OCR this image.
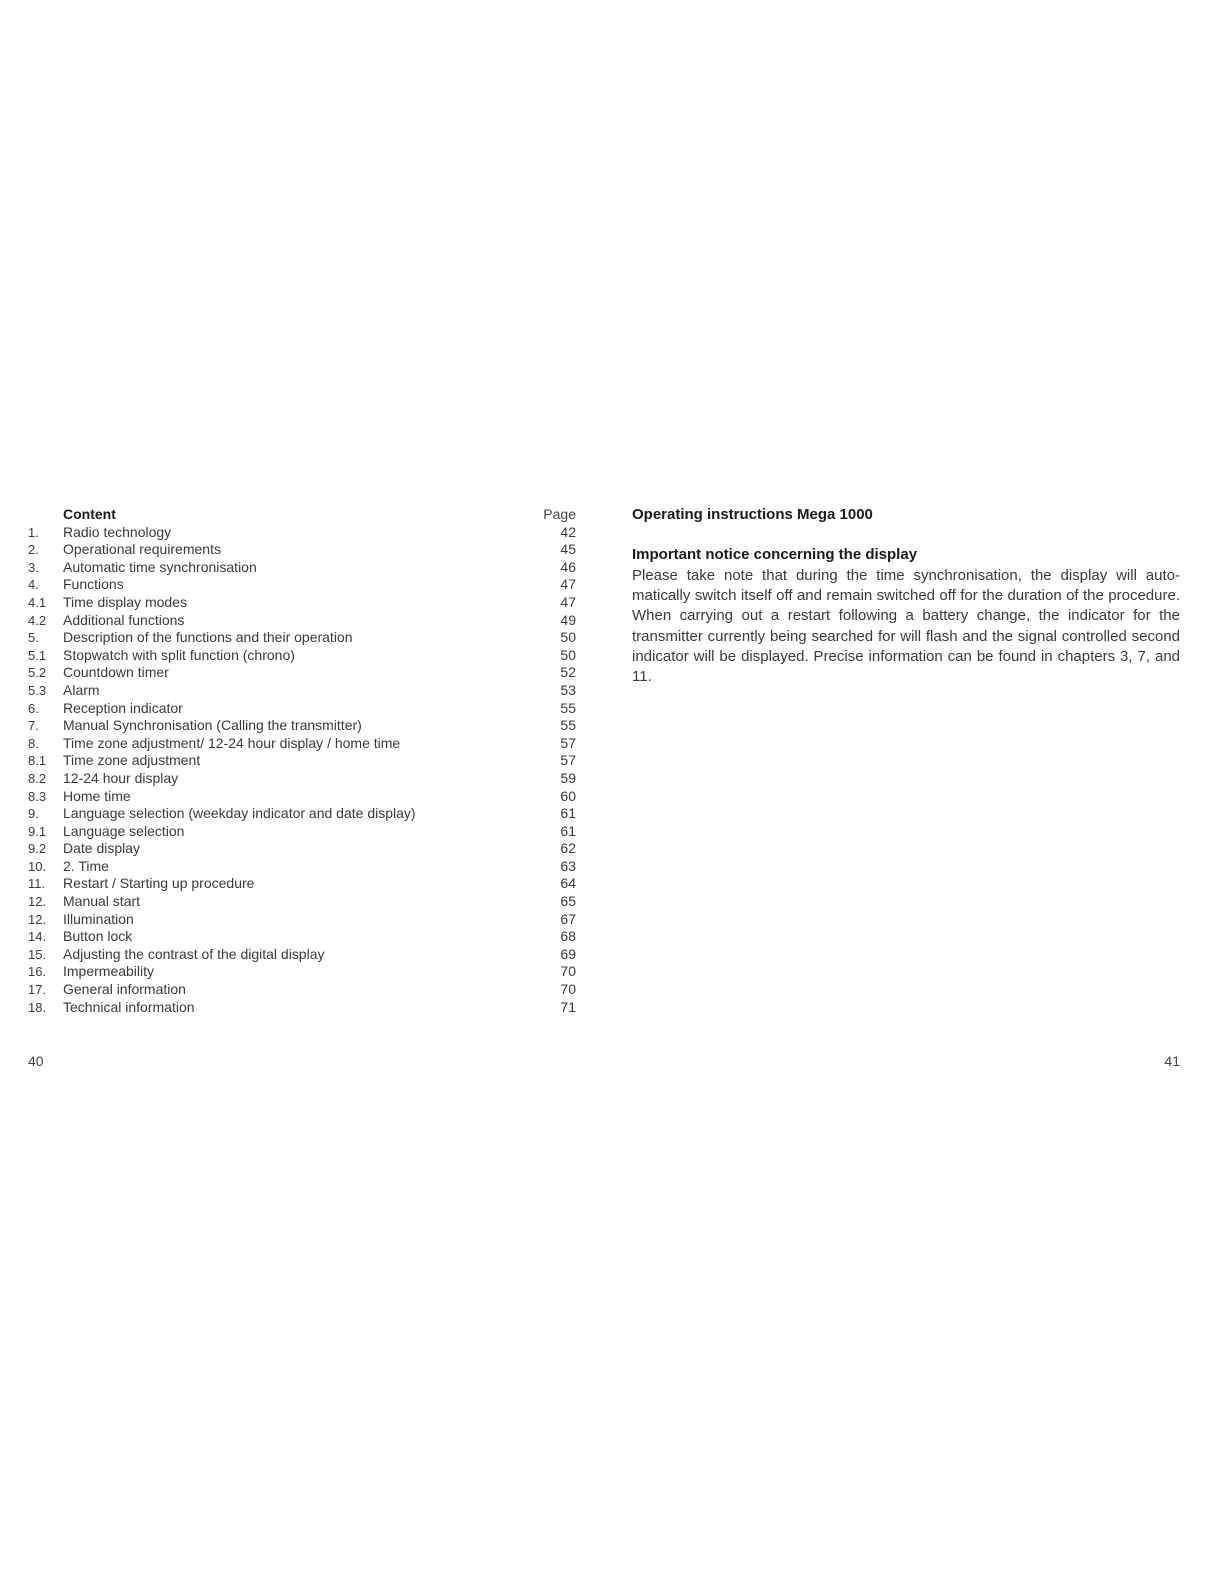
Content	Page
1.	Radio technology	42
2.	Operational requirements	45
3.	Automatic time synchronisation	46
4.	Functions	47
4.1	Time display modes	47
4.2	Additional functions	49
5.	Description of the functions and their operation	50
5.1	Stopwatch with split function (chrono)	50
5.2	Countdown timer	52
5.3	Alarm	53
6.	Reception indicator	55
7.	Manual Synchronisation (Calling the transmitter)	55
8.	Time zone adjustment/ 12-24 hour display / home time	57
8.1	Time zone adjustment	57
8.2	12-24 hour display	59
8.3	Home time	60
9.	Language selection (weekday indicator and date display)	61
9.1	Language selection	61
9.2	Date display	62
10.	2. Time	63
11.	Restart / Starting up procedure	64
12.	Manual start	65
12.	Illumination	67
14.	Button lock	68
15.	Adjusting the contrast of the digital display	69
16.	Impermeability	70
17.	General information	70
18.	Technical information	71
40
Operating instructions Mega 1000
Important notice concerning the display
Please take note that during the time synchronisation, the display will automatically switch itself off and remain switched off for the duration of the procedure. When carrying out a restart following a battery change, the indicator for the transmitter currently being searched for will flash and the signal controlled second indicator will be displayed. Precise information can be found in chapters 3, 7, and 11.
41
